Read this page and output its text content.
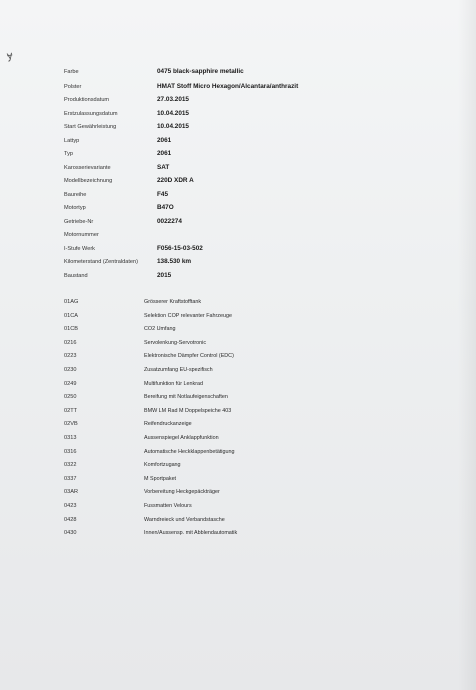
ɏ
Farbe	0475 black-sapphire metallic
Polster	HMAT Stoff Micro Hexagon/Alcantara/anthrazit
Produktionsdatum	27.03.2015
Erstzulassungsdatum	10.04.2015
Start Gewährleistung	10.04.2015
Lattyp	2061
Typ	2061
Karosserievariante	SAT
Modellbezeichnung	220D XDR A
Baureihe	F45
Motortyp	B47O
Getriebe-Nr	0022274
Motornummer
I-Stufe Werk	F056-15-03-502
Kilometerstand (Zentraldaten)	138.530 km
Baustand	2015
01AG	Grösserer Kraftstofftank
01CA	Selektion COP relevanter Fahrzeuge
01CB	CO2 Umfang
0216	Servolenkung-Servotronic
0223	Elektronische Dämpfer Control (EDC)
0230	Zusatzumfang EU-spezifisch
0249	Multifunktion für Lenkrad
0250	Bereifung mit Notlaufeigenschaften
02TT	BMW LM Rad M Doppelspeiche 403
02VB	Reifendruckanzeige
0313	Aussenspiegel Anklappfunktion
0316	Automatische Heckklappenbetätigung
0322	Komfortzugang
0337	M Sportpaket
03AR	Vorbereitung Heckgepäckträger
0423	Fussmatten Velours
0428	Warndreieck und Verbandstasche
0430	Innen/Aussensp. mit Abblendautomatik
